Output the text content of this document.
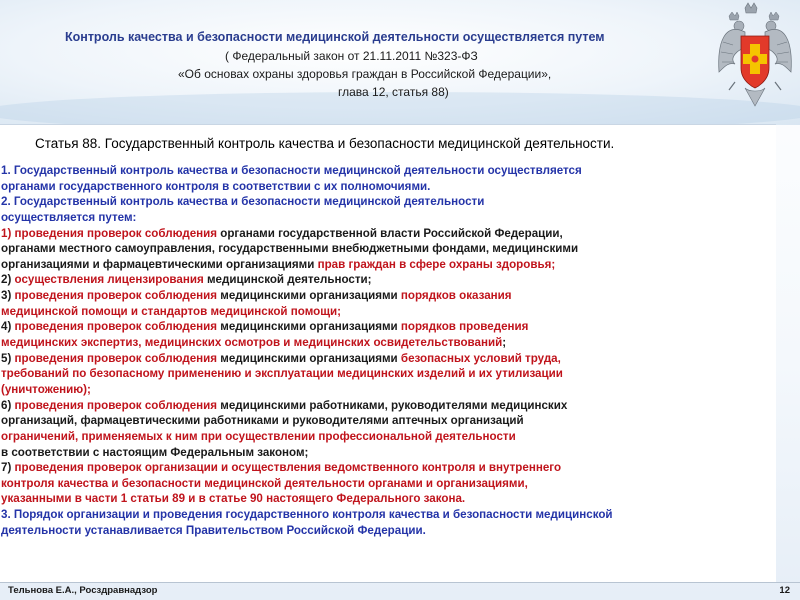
Контроль качества и безопасности медицинской деятельности осуществляется путем
( Федеральный закон от 21.11.2011 №323-ФЗ
«Об основах охраны здоровья граждан в Российской Федерации»,
глава 12, статья 88)
Статья 88. Государственный контроль качества и безопасности медицинской деятельности.
1. Государственный контроль качества и безопасности медицинской деятельности осуществляется
органами государственного контроля в соответствии с их полномочиями.
2. Государственный контроль качества и безопасности медицинской деятельности
осуществляется путем:
1) проведения проверок соблюдения органами государственной власти Российской Федерации,
органами местного самоуправления, государственными внебюджетными фондами, медицинскими
организациями и фармацевтическими организациями прав граждан в сфере охраны здоровья;
2) осуществления лицензирования медицинской деятельности;
3) проведения проверок соблюдения медицинскими организациями порядков оказания
медицинской помощи и стандартов медицинской помощи;
4) проведения проверок соблюдения медицинскими организациями порядков проведения
медицинских экспертиз, медицинских осмотров и медицинских освидетельствований;
5) проведения проверок соблюдения медицинскими организациями безопасных условий труда,
требований по безопасному применению и эксплуатации медицинских изделий и их утилизации
(уничтожению);
6) проведения проверок соблюдения медицинскими работниками, руководителями медицинских
организаций, фармацевтическими работниками и руководителями аптечных организаций
ограничений, применяемых к ним при осуществлении профессиональной деятельности
в соответствии с настоящим Федеральным законом;
7) проведения проверок организации и осуществления ведомственного контроля и внутреннего
контроля качества и безопасности медицинской деятельности органами и организациями,
указанными в части 1 статьи 89 и в статье 90 настоящего Федерального закона.
3. Порядок организации и проведения государственного контроля качества и безопасности медицинской
деятельности устанавливается Правительством Российской Федерации.
Тельнова Е.А., Росздравнадзор	12
